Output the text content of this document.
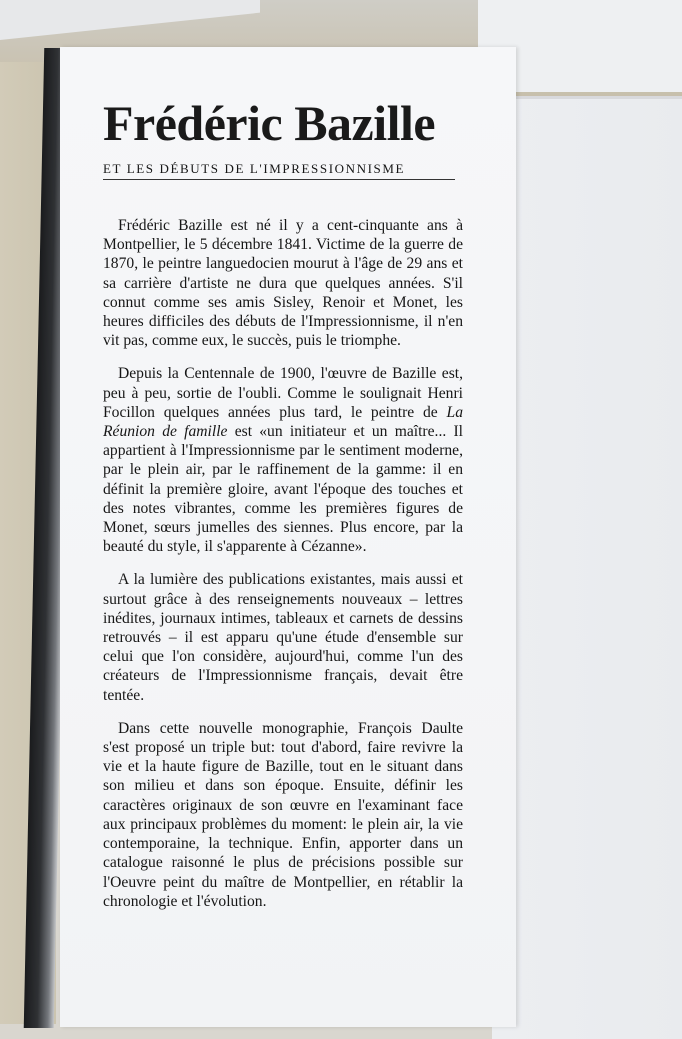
Frédéric Bazille
ET LES DÉBUTS DE L'IMPRESSIONNISME

Frédéric Bazille est né il y a cent-cinquante ans à Montpellier, le 5 décembre 1841. Victime de la guerre de 1870, le peintre languedocien mourut à l'âge de 29 ans et sa carrière d'artiste ne dura que quelques années. S'il connut comme ses amis Sisley, Renoir et Monet, les heures difficiles des débuts de l'Impressionnisme, il n'en vit pas, comme eux, le succès, puis le triomphe.

Depuis la Centennale de 1900, l'œuvre de Bazille est, peu à peu, sortie de l'oubli. Comme le soulignait Henri Focillon quelques années plus tard, le peintre de La Réunion de famille est «un initiateur et un maître... Il appartient à l'Impressionnisme par le sentiment moderne, par le plein air, par le raffinement de la gamme: il en définit la première gloire, avant l'époque des touches et des notes vibrantes, comme les premières figures de Monet, sœurs jumelles des siennes. Plus encore, par la beauté du style, il s'apparente à Cézanne».

A la lumière des publications existantes, mais aussi et surtout grâce à des renseignements nouveaux – lettres inédites, journaux intimes, tableaux et carnets de dessins retrouvés – il est apparu qu'une étude d'ensemble sur celui que l'on considère, aujourd'hui, comme l'un des créateurs de l'Impressionnisme français, devait être tentée.

Dans cette nouvelle monographie, François Daulte s'est proposé un triple but: tout d'abord, faire revivre la vie et la haute figure de Bazille, tout en le situant dans son milieu et dans son époque. Ensuite, définir les caractères originaux de son œuvre en l'examinant face aux principaux problèmes du moment: le plein air, la vie contemporaine, la technique. Enfin, apporter dans un catalogue raisonné le plus de précisions possible sur l'Oeuvre peint du maître de Montpellier, en rétablir la chronologie et l'évolution.
